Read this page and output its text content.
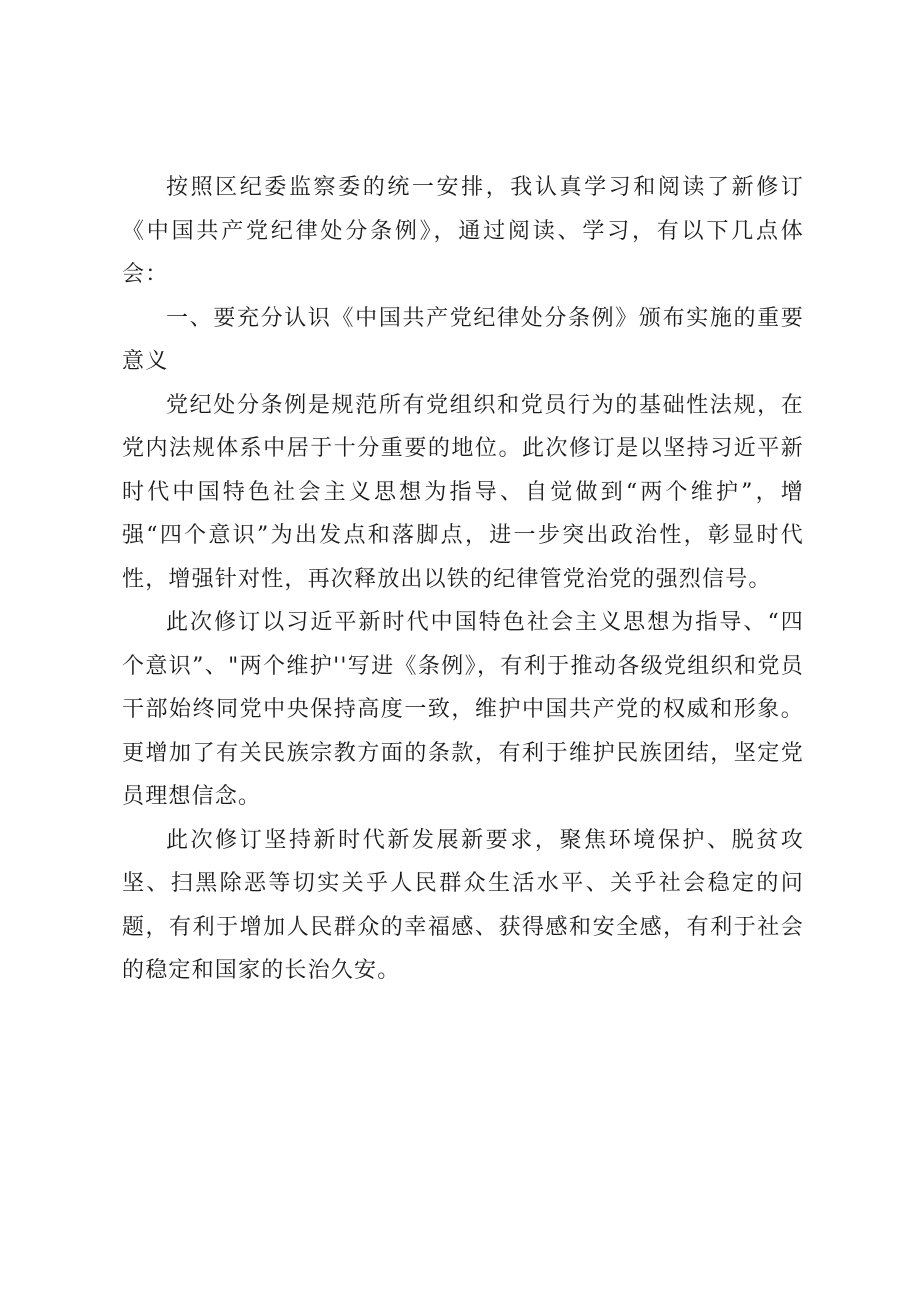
按照区纪委监察委的统一安排，我认真学习和阅读了新修订《中国共产党纪律处分条例》，通过阅读、学习，有以下几点体会：

一、要充分认识《中国共产党纪律处分条例》颁布实施的重要意义

党纪处分条例是规范所有党组织和党员行为的基础性法规，在党内法规体系中居于十分重要的地位。此次修订是以坚持习近平新时代中国特色社会主义思想为指导、自觉做到“两个维护”，增强“四个意识”为出发点和落脚点，进一步突出政治性，彰显时代性，增强针对性，再次释放出以铁的纪律管党治党的强烈信号。

此次修订以习近平新时代中国特色社会主义思想为指导、“四个意识”、"两个维护''写进《条例》，有利于推动各级党组织和党员干部始终同党中央保持高度一致，维护中国共产党的权威和形象。更增加了有关民族宗教方面的条款，有利于维护民族团结，坚定党员理想信念。

此次修订坚持新时代新发展新要求，聚焦环境保护、脱贫攻坚、扫黑除恶等切实关乎人民群众生活水平、关乎社会稳定的问题，有利于增加人民群众的幸福感、获得感和安全感，有利于社会的稳定和国家的长治久安。
